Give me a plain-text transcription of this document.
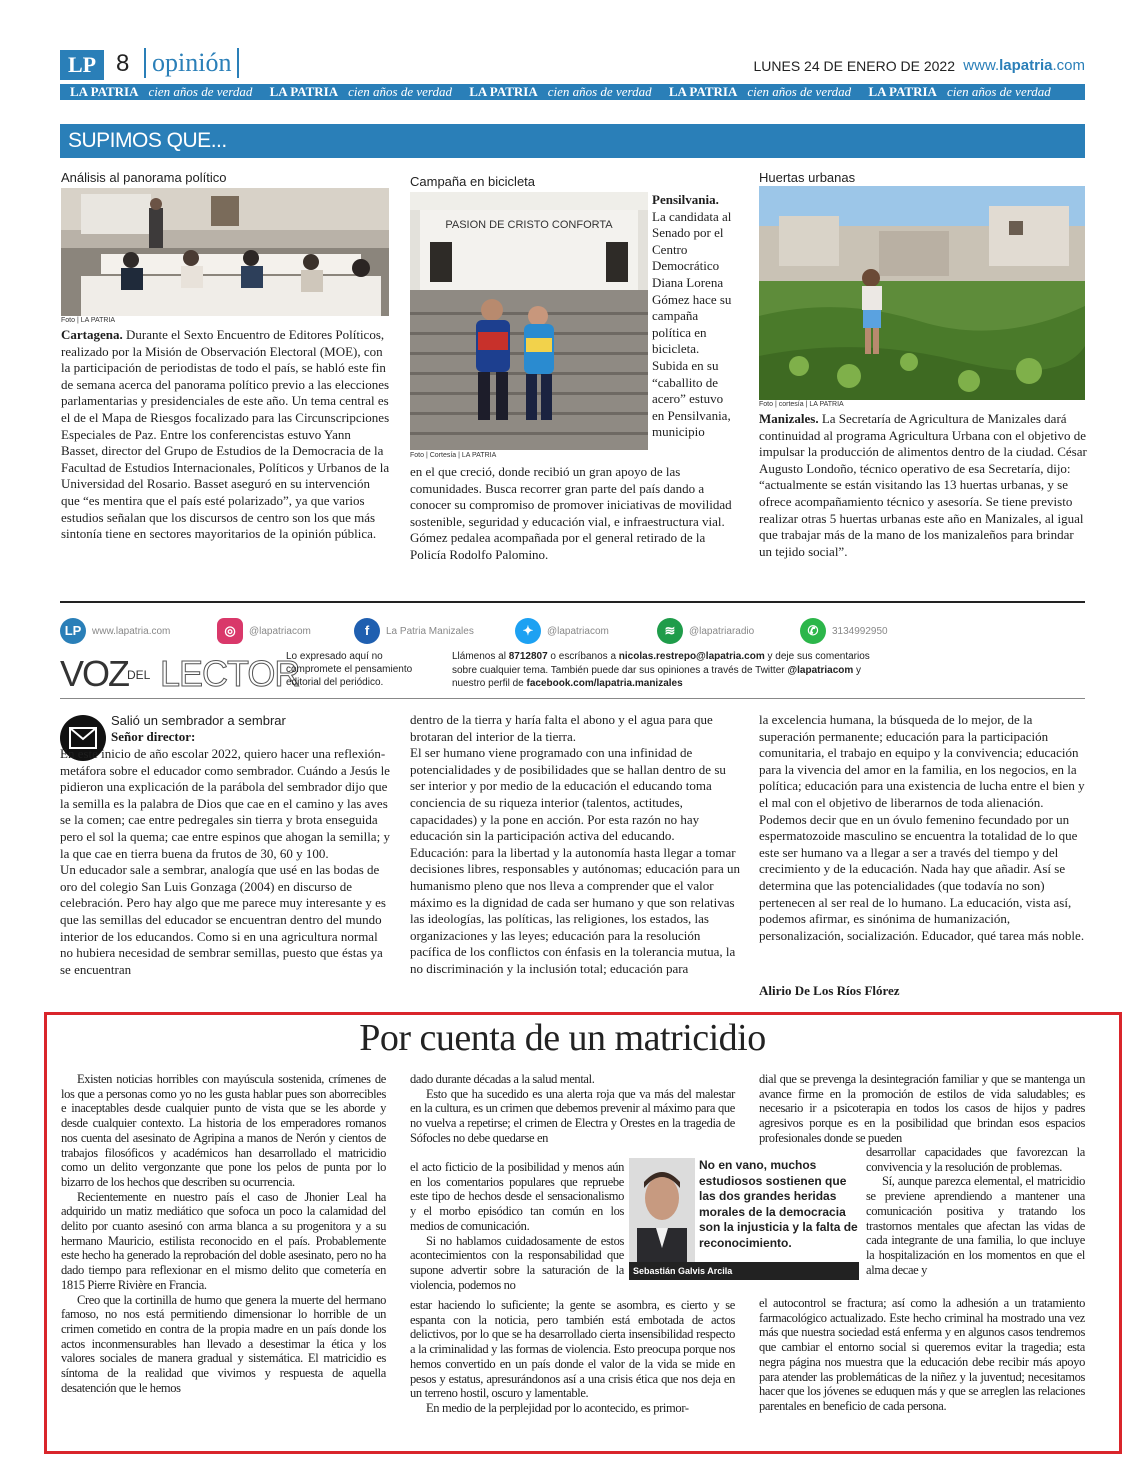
LP 8 opinión	LUNES 24 DE ENERO DE 2022 www.lapatria.com
LA PATRIA cien años de verdad LA PATRIA cien años de verdad LA PATRIA cien años de verdad LA PATRIA cien años de verdad LA PATRIA cien años de verdad
SUPIMOS QUE...
Análisis al panorama político
Foto | LA PATRIA
Cartagena. Durante el Sexto Encuentro de Editores Políticos, realizado por la Misión de Observación Electoral (MOE), con la participación de periodistas de todo el país, se habló este fin de semana acerca del panorama político previo a las elecciones parlamentarias y presidenciales de este año. Un tema central es el de el Mapa de Riesgos focalizado para las Circunscripciones Especiales de Paz. Entre los conferencistas estuvo Yann Basset, director del Grupo de Estudios de la Democracia de la Facultad de Estudios Internacionales, Políticos y Urbanos de la Universidad del Rosario. Basset aseguró en su intervención que “es mentira que el país esté polarizado”, ya que varios estudios señalan que los discursos de centro son los que más sintonía tiene en sectores mayoritarios de la opinión pública.
Campaña en bicicleta
PASION DE CRISTO CONFORTA
Foto | Cortesía | LA PATRIA
Pensilvania. La candidata al Senado por el Centro Democrático Diana Lorena Gómez hace su campaña política en bicicleta. Subida en su “caballito de acero” estuvo en Pensilvania, municipio
en el que creció, donde recibió un gran apoyo de las comunidades. Busca recorrer gran parte del país dando a conocer su compromiso de promover iniciativas de movilidad sostenible, seguridad y educación vial, e infraestructura vial.
Gómez pedalea acompañada por el general retirado de la Policía Rodolfo Palomino.
Huertas urbanas
Foto | cortesía | LA PATRIA
Manizales. La Secretaría de Agricultura de Manizales dará continuidad al programa Agricultura Urbana con el objetivo de impulsar la producción de alimentos dentro de la ciudad. César Augusto Londoño, técnico operativo de esa Secretaría, dijo: “actualmente se están visitando las 13 huertas urbanas, y se ofrece acompañamiento técnico y asesoría. Se tiene previsto realizar otras 5 huertas urbanas este año en Manizales, al igual que trabajar más de la mano de los manizaleños para brindar un tejido social”.
LP www.lapatria.com	◎ @lapatriacom	f La Patria Manizales	✦ @lapatriacom	≋ @lapatriaradio	✆ 3134992950
VOZ
DEL LECTOR
Lo expresado aquí no compromete el pensamiento editorial del periódico.
Llámenos al 8712807 o escríbanos a nicolas.restrepo@lapatria.com y deje sus comentarios sobre cualquier tema. También puede dar sus opiniones a través de Twitter @lapatriacom y nuestro perfil de facebook.com/lapatria.manizales
Salió un sembrador a sembrar
Señor director:
En este inicio de año escolar 2022, quiero hacer una reflexión- metáfora sobre el educador como sembrador. Cuándo a Jesús le pidieron una explicación de la parábola del sembrador dijo que la semilla es la palabra de Dios que cae en el camino y las aves se la comen; cae entre pedregales sin tierra y brota enseguida pero el sol la quema; cae entre espinos que ahogan la semilla; y la que cae en tierra buena da frutos de 30, 60 y 100.
Un educador sale a sembrar, analogía que usé en las bodas de oro del colegio San Luis Gonzaga (2004) en discurso de celebración. Pero hay algo que me parece muy interesante y es que las semillas del educador se encuentran dentro del mundo interior de los educandos. Como si en una agricultura normal no hubiera necesidad de sembrar semillas, puesto que éstas ya se encuentran
dentro de la tierra y haría falta el abono y el agua para que brotaran del interior de la tierra.
El ser humano viene programado con una infinidad de potencialidades y de posibilidades que se hallan dentro de su ser interior y por medio de la educación el educando toma conciencia de su riqueza interior (talentos, actitudes, capacidades) y la pone en acción. Por esta razón no hay educación sin la participación activa del educando.
Educación: para la libertad y la autonomía hasta llegar a tomar decisiones libres, responsables y autónomas; educación para un humanismo pleno que nos lleva a comprender que el valor máximo es la dignidad de cada ser humano y que son relativas las ideologías, las políticas, las religiones, los estados, las organizaciones y las leyes; educación para la resolución pacífica de los conflictos con énfasis en la tolerancia mutua, la no discriminación y la inclusión total; educación para
la excelencia humana, la búsqueda de lo mejor, de la superación permanente; educación para la participación comunitaria, el trabajo en equipo y la convivencia; educación para la vivencia del amor en la familia, en los negocios, en la política; educación para una existencia de lucha entre el bien y el mal con el objetivo de liberarnos de toda alienación.
Podemos decir que en un óvulo femenino fecundado por un espermatozoide masculino se encuentra la totalidad de lo que este ser humano va a llegar a ser a través del tiempo y del crecimiento y de la educación. Nada hay que añadir. Así se determina que las potencialidades (que todavía no son) pertenecen al ser real de lo humano. La educación, vista así, podemos afirmar, es sinónima de humanización, personalización, socialización. Educador, qué tarea más noble.
Alirio De Los Ríos Flórez
Por cuenta de un matricidio

Existen noticias horribles con mayúscula sostenida, crímenes de los que a personas como yo no les gusta hablar pues son aborrecibles e inaceptables desde cualquier punto de vista que se les aborde y desde cualquier contexto. La historia de los emperadores romanos nos cuenta del asesinato de Agripina a manos de Nerón y cientos de trabajos filosóficos y académicos han desarrollado el matricidio como un delito vergonzante que pone los pelos de punta por lo bizarro de los hechos que describen su ocurrencia.

Recientemente en nuestro país el caso de Jhonier Leal ha adquirido un matiz mediático que sofoca un poco la calamidad del delito por cuanto asesinó con arma blanca a su progenitora y a su hermano Mauricio, estilista reconocido en el país. Probablemente este hecho ha generado la reprobación del doble asesinato, pero no ha dado tiempo para reflexionar en el mismo delito que cometería en 1815 Pierre Rivière en Francia.

Creo que la cortinilla de humo que genera la muerte del hermano famoso, no nos está permitiendo dimensionar lo horrible de un crimen cometido en contra de la propia madre en un país donde los actos inconmensurables han llevado a desestimar la ética y los valores sociales de manera gradual y sistemática. El matricidio es síntoma de la realidad que vivimos y respuesta de aquella desatención que le hemos

dado durante décadas a la salud mental.

Esto que ha sucedido es una alerta roja que va más del malestar en la cultura, es un crimen que debemos prevenir al máximo para que no vuelva a repetirse; el crimen de Electra y Orestes en la tragedia de Sófocles no debe quedarse en

el acto ficticio de la posibilidad y menos aún en los comentarios populares que repruebe este tipo de hechos desde el sensacionalismo y el morbo episódico tan común en los medios de comunicación.

Si no hablamos cuidadosamente de estos acontecimientos con la responsabilidad que supone advertir sobre la saturación de la violencia, podemos no

estar haciendo lo suficiente; la gente se asombra, es cierto y se espanta con la noticia, pero también está embotada de actos delictivos, por lo que se ha desarrollado cierta insensibilidad respecto a la criminalidad y las formas de violencia. Esto preocupa porque nos hemos convertido en un país donde el valor de la vida se mide en pesos y estatus, apresurándonos así a una crisis ética que nos deja en un terreno hostil, oscuro y lamentable.

En medio de la perplejidad por lo acontecido, es primor-

No en vano, muchos estudiosos sostienen que las dos grandes heridas morales de la democracia son la injusticia y la falta de reconocimiento.
Sebastián Galvis Arcila

dial que se prevenga la desintegración familiar y que se mantenga un avance firme en la promoción de estilos de vida saludables; es necesario ir a psicoterapia en todos los casos de hijos y padres agresivos porque es en la posibilidad que brindan esos espacios profesionales donde se pueden

desarrollar capacidades que favorezcan la convivencia y la resolución de problemas.

Sí, aunque parezca elemental, el matricidio se previene aprendiendo a mantener una comunicación positiva y tratando los trastornos mentales que afectan las vidas de cada integrante de una familia, lo que incluye la hospitalización en los momentos en que el alma decae y

el autocontrol se fractura; así como la adhesión a un tratamiento farmacológico actualizado. Este hecho criminal ha mostrado una vez más que nuestra sociedad está enferma y en algunos casos tendremos que cambiar el entorno social si queremos evitar la tragedia; esta negra página nos muestra que la educación debe recibir más apoyo para atender las problemáticas de la niñez y la juventud; necesitamos hacer que los jóvenes se eduquen más y que se arreglen las relaciones parentales en beneficio de cada persona.
